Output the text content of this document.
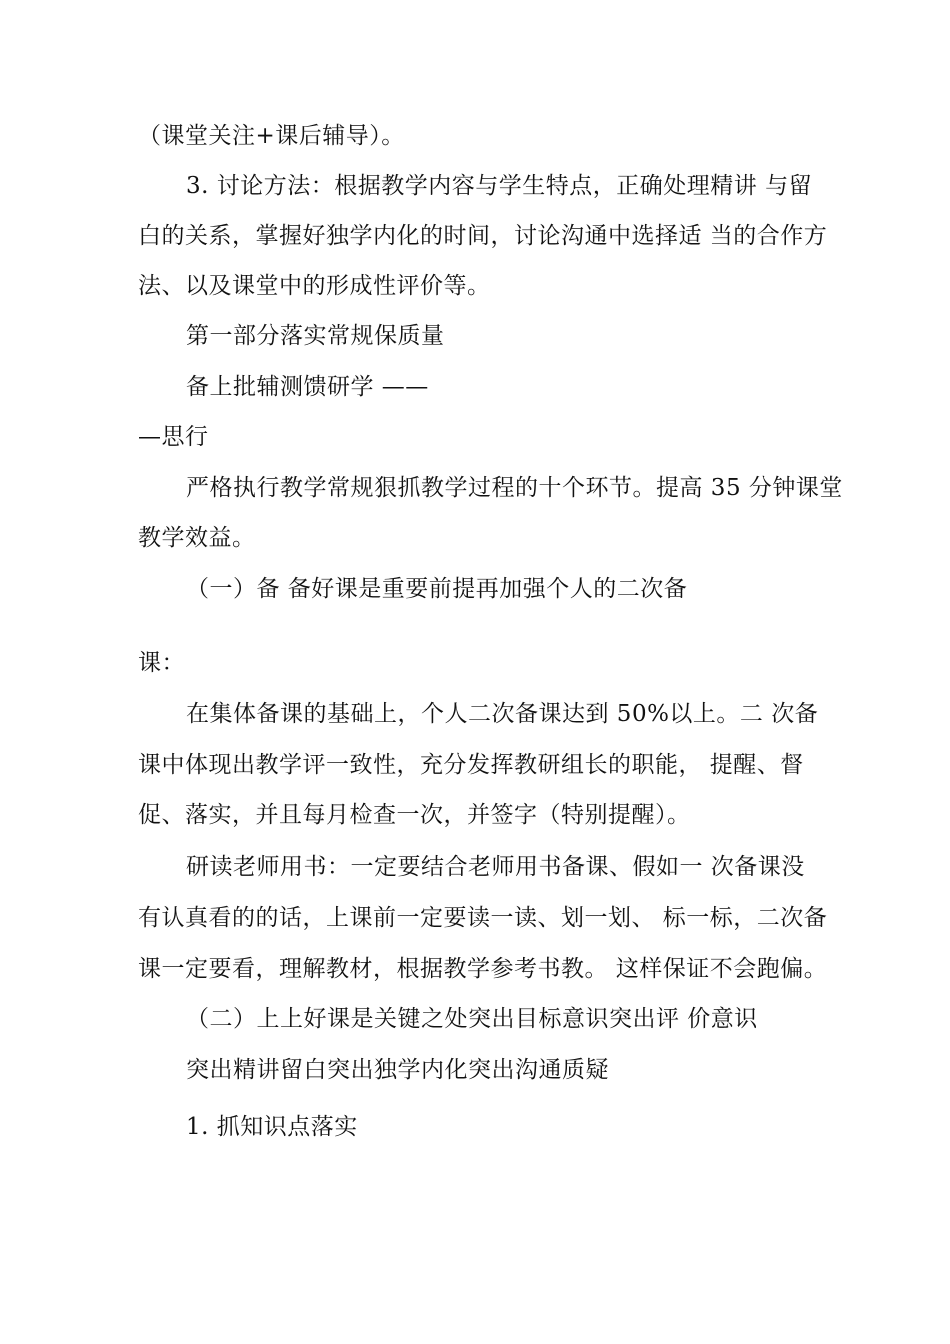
（课堂关注+课后辅导）。
3. 讨论方法：根据教学内容与学生特点，正确处理精讲 与留
白的关系，掌握好独学内化的时间，讨论沟通中选择适 当的合作方
法、以及课堂中的形成性评价等。
第一部分落实常规保质量
备上批辅测馈研学 ——
—思行
严格执行教学常规狠抓教学过程的十个环节。提高 35 分钟课堂
教学效益。
（一）备 备好课是重要前提再加强个人的二次备
课：
在集体备课的基础上，个人二次备课达到 50%以上。二 次备
课中体现出教学评一致性，充分发挥教研组长的职能， 提醒、督
促、落实，并且每月检查一次，并签字（特别提醒）。
研读老师用书：一定要结合老师用书备课、假如一 次备课没
有认真看的的话，上课前一定要读一读、划一划、 标一标，二次备
课一定要看，理解教材，根据教学参考书教。 这样保证不会跑偏。
（二）上上好课是关键之处突出目标意识突出评 价意识
突出精讲留白突出独学内化突出沟通质疑
1. 抓知识点落实
